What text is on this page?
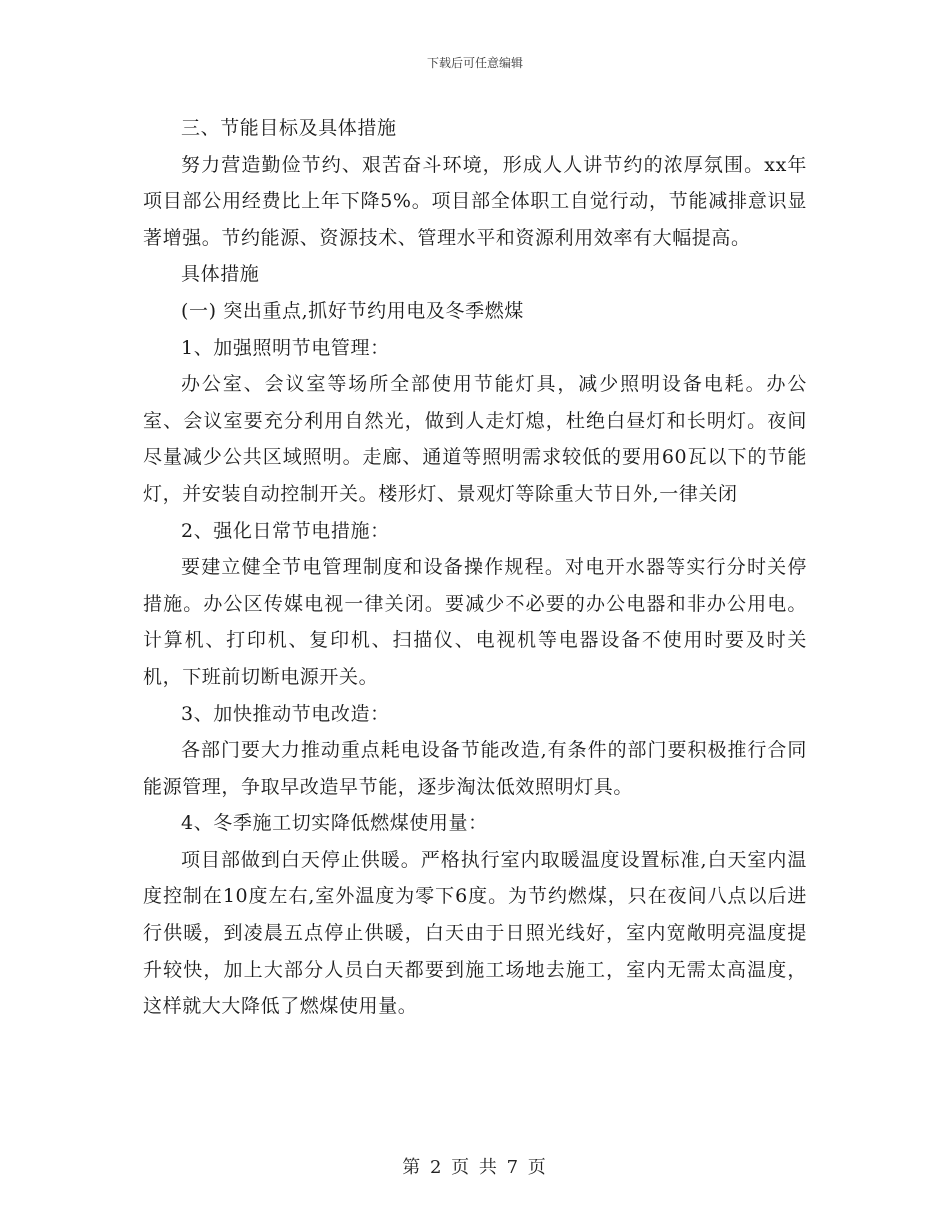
下载后可任意编辑

三、节能目标及具体措施

努力营造勤俭节约、艰苦奋斗环境，形成人人讲节约的浓厚氛围。xx年项目部公用经费比上年下降5%。项目部全体职工自觉行动，节能减排意识显著增强。节约能源、资源技术、管理水平和资源利用效率有大幅提高。

具体措施

(一) 突出重点,抓好节约用电及冬季燃煤

1、加强照明节电管理：

办公室、会议室等场所全部使用节能灯具，减少照明设备电耗。办公室、会议室要充分利用自然光，做到人走灯熄，杜绝白昼灯和长明灯。夜间尽量减少公共区域照明。走廊、通道等照明需求较低的要用60瓦以下的节能灯，并安装自动控制开关。楼形灯、景观灯等除重大节日外,一律关闭

2、强化日常节电措施：

要建立健全节电管理制度和设备操作规程。对电开水器等实行分时关停措施。办公区传媒电视一律关闭。要减少不必要的办公电器和非办公用电。计算机、打印机、复印机、扫描仪、电视机等电器设备不使用时要及时关机，下班前切断电源开关。

3、加快推动节电改造：

各部门要大力推动重点耗电设备节能改造,有条件的部门要积极推行合同能源管理，争取早改造早节能，逐步淘汰低效照明灯具。

4、冬季施工切实降低燃煤使用量：

项目部做到白天停止供暖。严格执行室内取暖温度设置标准,白天室内温度控制在10度左右,室外温度为零下6度。为节约燃煤，只在夜间八点以后进行供暖，到凌晨五点停止供暖，白天由于日照光线好，室内宽敞明亮温度提升较快，加上大部分人员白天都要到施工场地去施工，室内无需太高温度，这样就大大降低了燃煤使用量。

第 2 页 共 7 页
